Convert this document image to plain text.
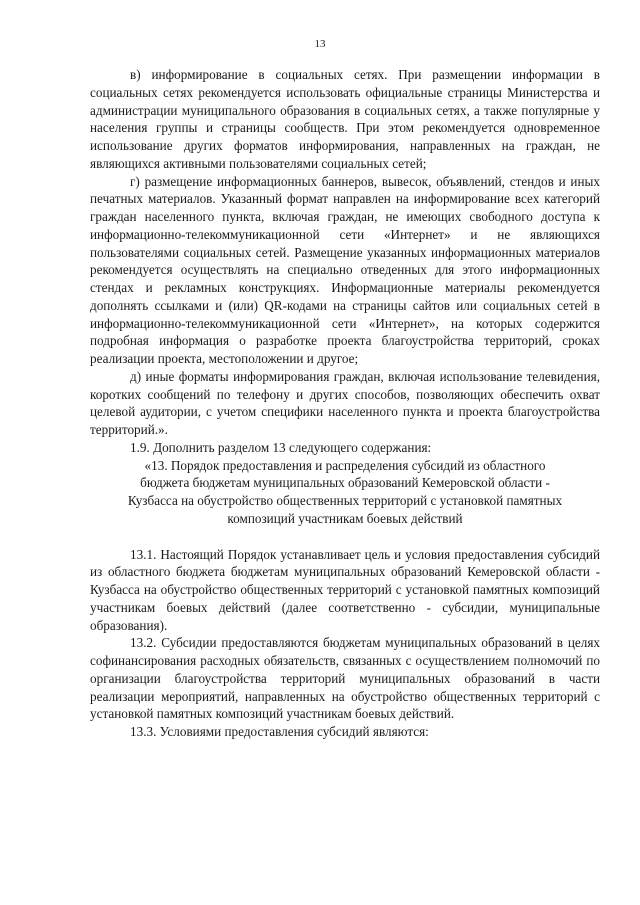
13

в) информирование в социальных сетях. При размещении информации в социальных сетях рекомендуется использовать официальные страницы Министерства и администрации муниципального образования в социальных сетях, а также популярные у населения группы и страницы сообществ. При этом рекомендуется одновременное использование других форматов информирования, направленных на граждан, не являющихся активными пользователями социальных сетей;

г) размещение информационных баннеров, вывесок, объявлений, стендов и иных печатных материалов. Указанный формат направлен на информирование всех категорий граждан населенного пункта, включая граждан, не имеющих свободного доступа к информационно-телекоммуникационной сети «Интернет» и не являющихся пользователями социальных сетей. Размещение указанных информационных материалов рекомендуется осуществлять на специально отведенных для этого информационных стендах и рекламных конструкциях. Информационные материалы рекомендуется дополнять ссылками и (или) QR-кодами на страницы сайтов или социальных сетей в информационно-телекоммуникационной сети «Интернет», на которых содержится подробная информация о разработке проекта благоустройства территорий, сроках реализации проекта, местоположении и другое;

д) иные форматы информирования граждан, включая использование телевидения, коротких сообщений по телефону и других способов, позволяющих обеспечить охват целевой аудитории, с учетом специфики населенного пункта и проекта благоустройства территорий.».

1.9. Дополнить разделом 13 следующего содержания:

«13. Порядок предоставления и распределения субсидий из областного бюджета бюджетам муниципальных образований Кемеровской области - Кузбасса на обустройство общественных территорий с установкой памятных композиций участникам боевых действий

13.1. Настоящий Порядок устанавливает цель и условия предоставления субсидий из областного бюджета бюджетам муниципальных образований Кемеровской области - Кузбасса на обустройство общественных территорий с установкой памятных композиций участникам боевых действий (далее соответственно - субсидии, муниципальные образования).

13.2. Субсидии предоставляются бюджетам муниципальных образований в целях софинансирования расходных обязательств, связанных с осуществлением полномочий по организации благоустройства территорий муниципальных образований в части реализации мероприятий, направленных на обустройство общественных территорий с установкой памятных композиций участникам боевых действий.

13.3. Условиями предоставления субсидий являются:
